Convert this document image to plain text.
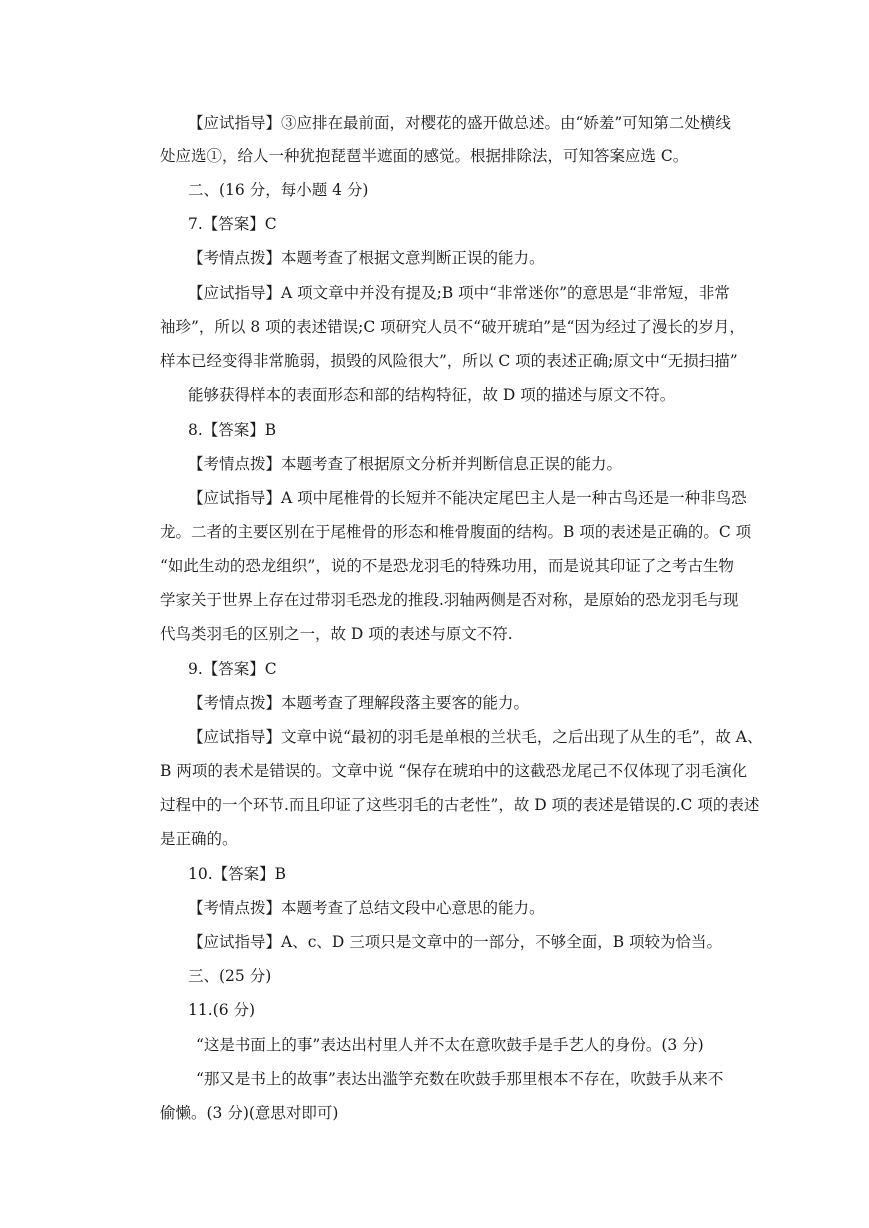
【应试指导】③应排在最前面，对樱花的盛开做总述。由“娇羞”可知第二处横线
处应选①，给人一种犹抱琵琶半遮面的感觉。根据排除法，可知答案应选 C。
二、(16 分，每小题 4 分)
7.【答案】C
【考情点拨】本题考查了根据文意判断正误的能力。
【应试指导】A 项文章中并没有提及;B 项中“非常迷你”的意思是“非常短，非常
袖珍”，所以 8 项的表述错误;C 项研究人员不“破开琥珀”是“因为经过了漫长的岁月，
样本已经变得非常脆弱，损毁的风险很大”，所以 C 项的表述正确;原文中“无损扫描”
能够获得样本的表面形态和部的结构特征，故 D 项的描述与原文不符。
8.【答案】B
【考情点拨】本题考查了根据原文分析并判断信息正误的能力。
【应试指导】A 项中尾椎骨的长短并不能决定尾巴主人是一种古鸟还是一种非鸟恐
龙。二者的主要区别在于尾椎骨的形态和椎骨腹面的结构。B 项的表述是正确的。C 项
“如此生动的恐龙组织”，说的不是恐龙羽毛的特殊功用，而是说其印证了之考古生物
学家关于世界上存在过带羽毛恐龙的推段.羽轴两侧是否对称，是原始的恐龙羽毛与现
代鸟类羽毛的区别之一，故 D 项的表述与原文不符.
9.【答案】C
【考情点拨】本题考查了理解段落主要客的能力。
【应试指导】文章中说“最初的羽毛是单根的兰状毛，之后出现了从生的毛”，故 A、
B 两项的表术是错误的。文章中说 “保存在琥珀中的这截恐龙尾己不仅体现了羽毛演化
过程中的一个环节.而且印证了这些羽毛的古老性”，故 D 项的表述是错误的.C 项的表述
是正确的。
10.【答案】B
【考情点拨】本题考查了总结文段中心意思的能力。
【应试指导】A、c、D 三项只是文章中的一部分，不够全面，B 项较为恰当。
三、(25 分)
11.(6 分)
“这是书面上的事”表达出村里人并不太在意吹鼓手是手艺人的身份。(3 分)
“那又是书上的故事”表达出滥竽充数在吹鼓手那里根本不存在，吹鼓手从来不
偷懒。(3 分)(意思对即可)
